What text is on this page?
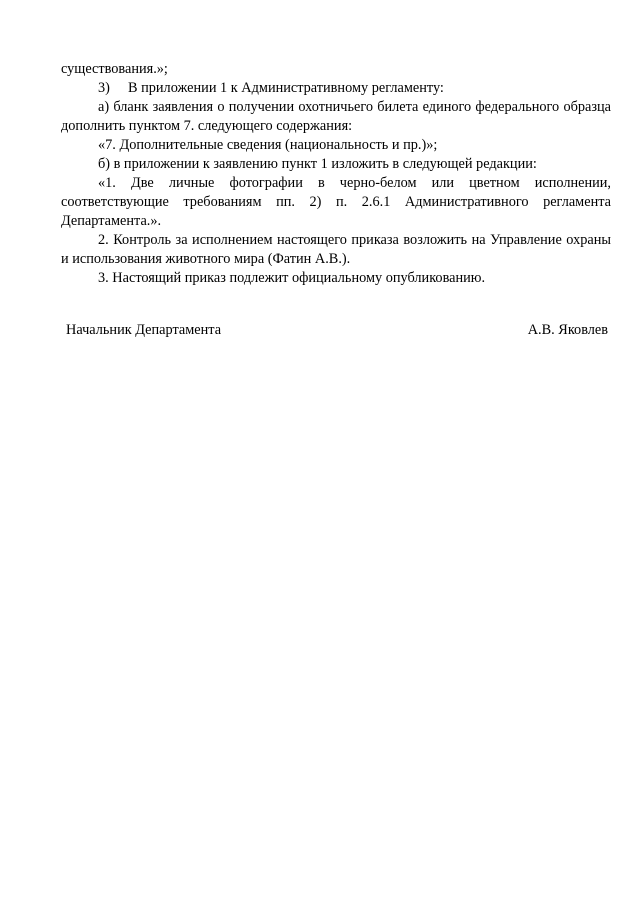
существования.»;

3) В приложении 1 к Административному регламенту:

а) бланк заявления о получении охотничьего билета единого федерального образца дополнить пунктом 7. следующего содержания:

«7. Дополнительные сведения (национальность и пр.)»;

б) в приложении к заявлению пункт 1 изложить в следующей редакции:

«1. Две личные фотографии в черно-белом или цветном исполнении, соответствующие требованиям пп. 2) п. 2.6.1 Административного регламента Департамента.».

2. Контроль за исполнением настоящего приказа возложить на Управление охраны и использования животного мира (Фатин А.В.).

3. Настоящий приказ подлежит официальному опубликованию.

Начальник Департамента	А.В. Яковлев
